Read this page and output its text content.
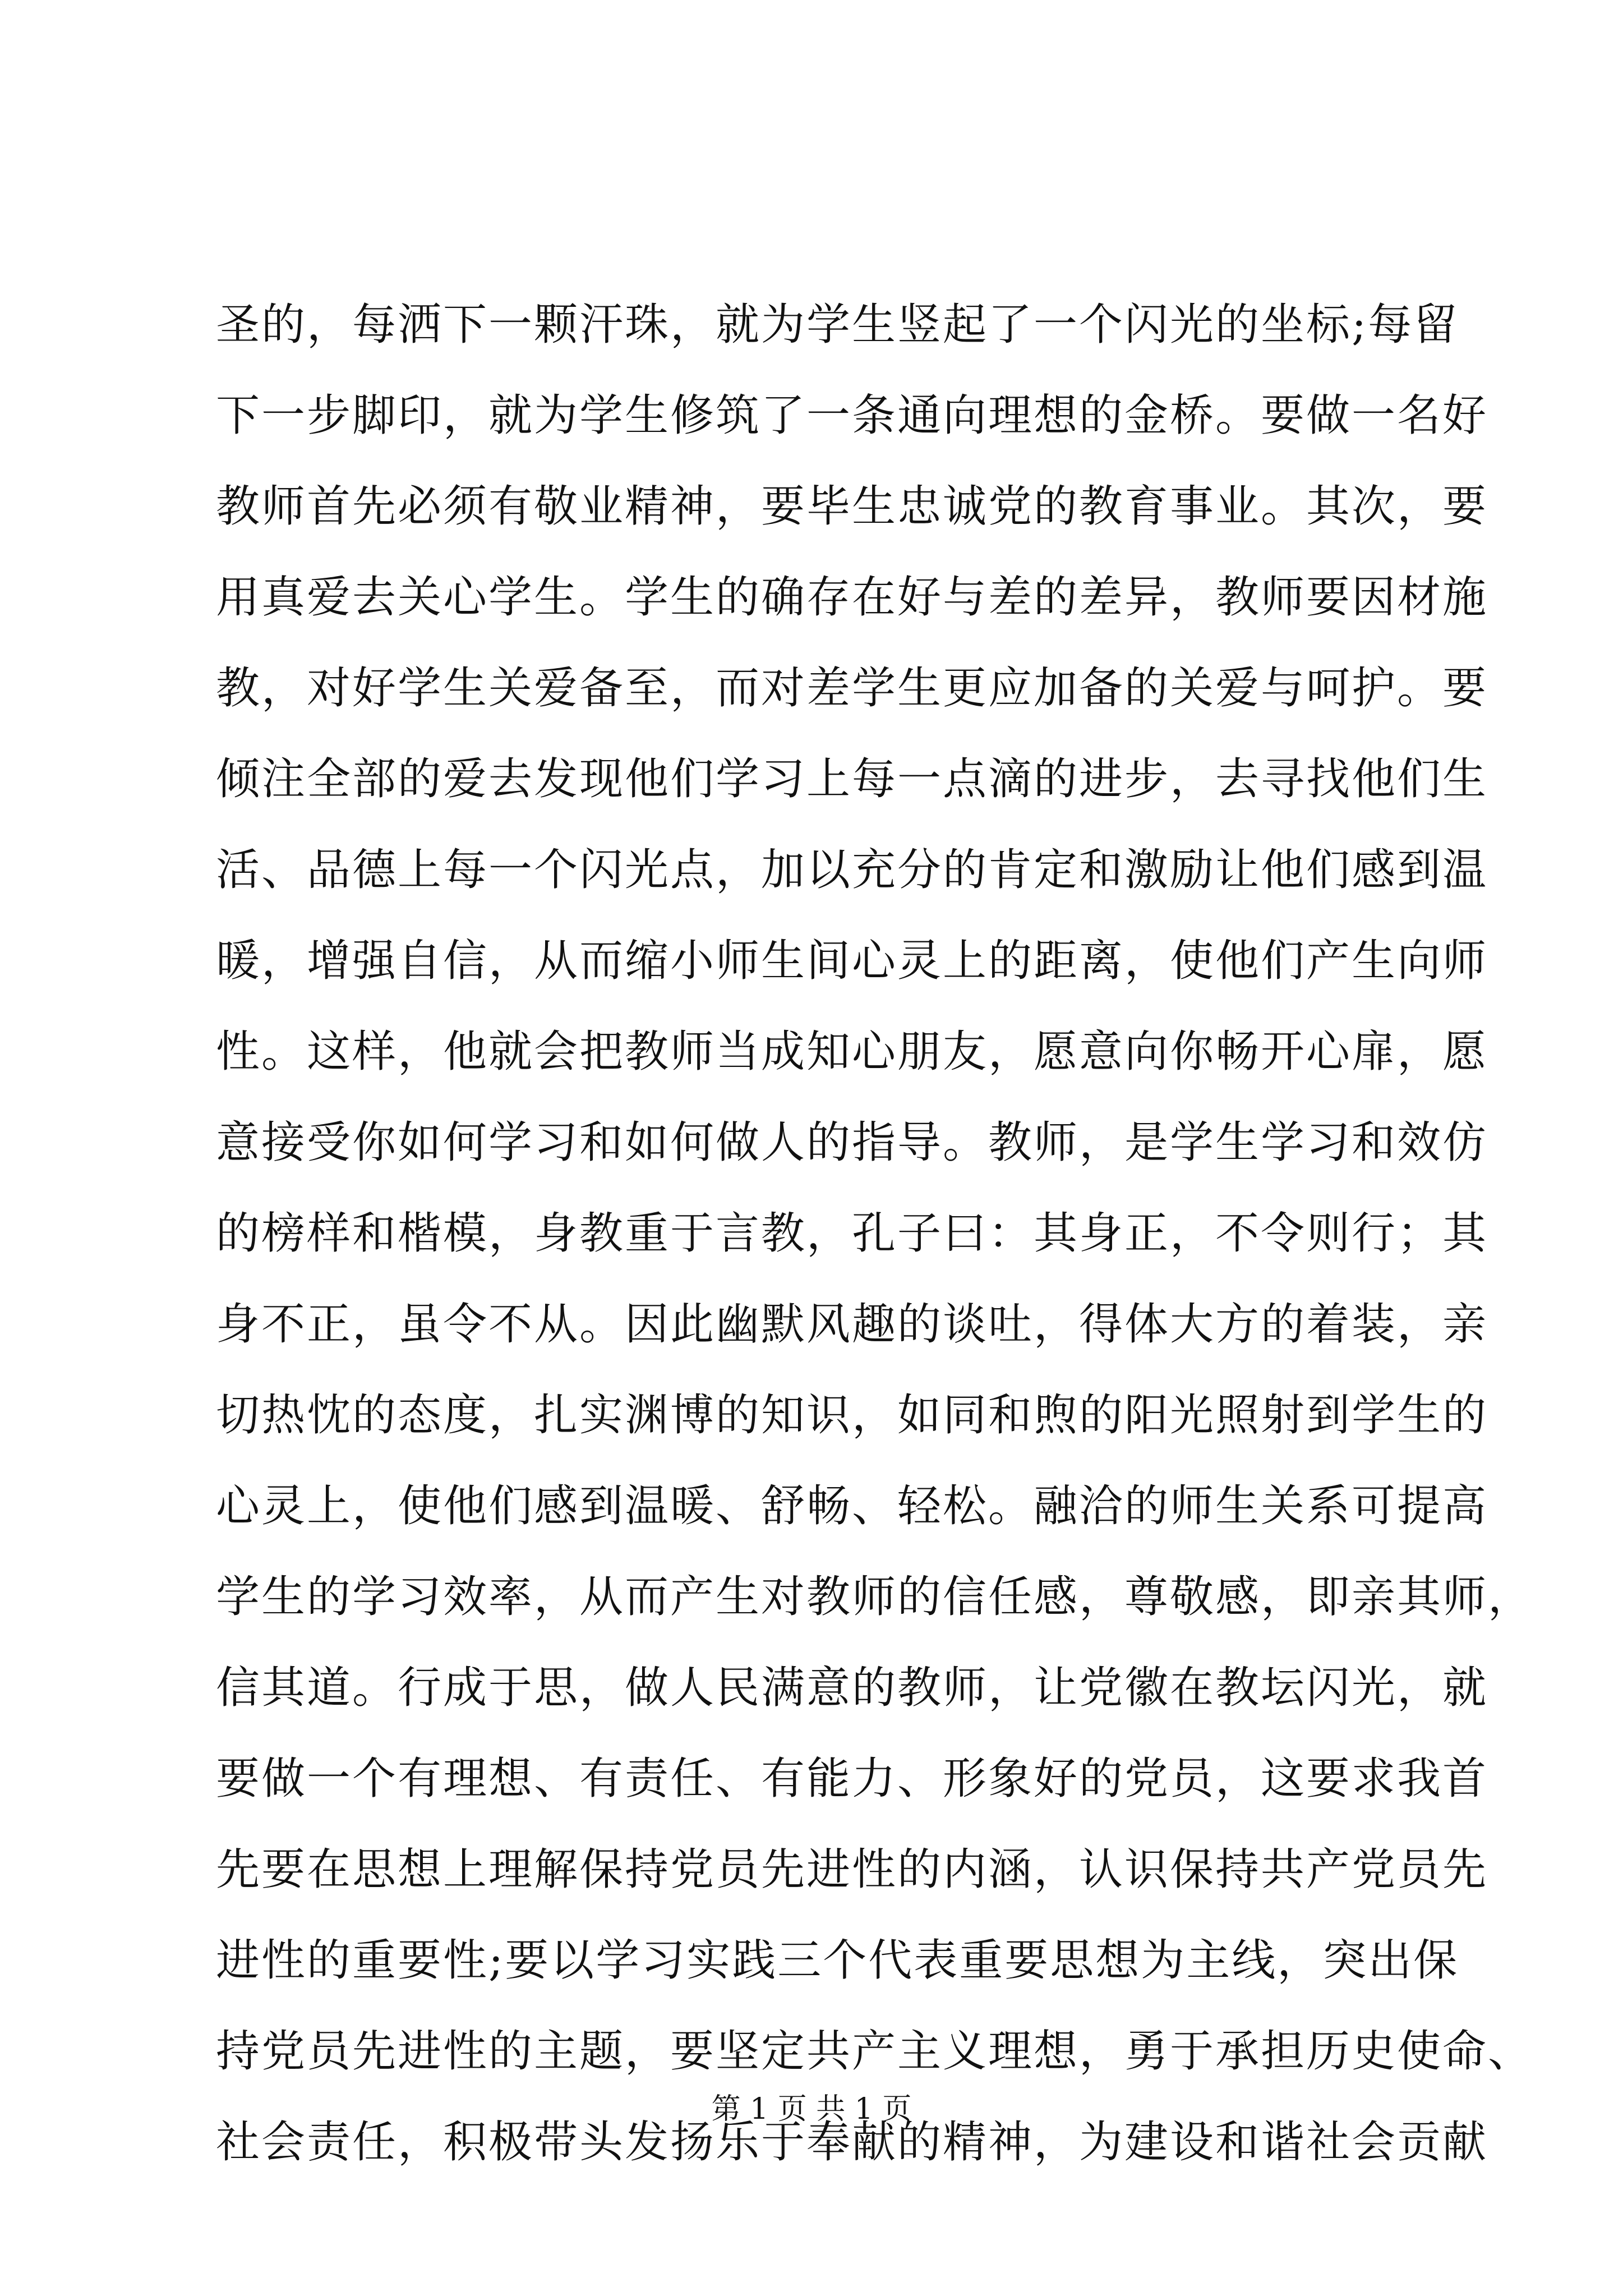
圣的，每洒下一颗汗珠，就为学生竖起了一个闪光的坐标;每留
下一步脚印，就为学生修筑了一条通向理想的金桥。要做一名好
教师首先必须有敬业精神，要毕生忠诚党的教育事业。其次，要
用真爱去关心学生。学生的确存在好与差的差异，教师要因材施
教，对好学生关爱备至，而对差学生更应加备的关爱与呵护。要
倾注全部的爱去发现他们学习上每一点滴的进步，去寻找他们生
活、品德上每一个闪光点，加以充分的肯定和激励让他们感到温
暖，增强自信，从而缩小师生间心灵上的距离，使他们产生向师
性。这样，他就会把教师当成知心朋友，愿意向你畅开心扉，愿
意接受你如何学习和如何做人的指导。教师，是学生学习和效仿
的榜样和楷模，身教重于言教，孔子曰：其身正，不令则行；其
身不正，虽令不从。因此幽默风趣的谈吐，得体大方的着装，亲
切热忱的态度，扎实渊博的知识，如同和煦的阳光照射到学生的
心灵上，使他们感到温暖、舒畅、轻松。融洽的师生关系可提高
学生的学习效率，从而产生对教师的信任感，尊敬感，即亲其师，
信其道。行成于思，做人民满意的教师，让党徽在教坛闪光，就
要做一个有理想、有责任、有能力、形象好的党员，这要求我首
先要在思想上理解保持党员先进性的内涵，认识保持共产党员先
进性的重要性;要以学习实践三个代表重要思想为主线，突出保
持党员先进性的主题，要坚定共产主义理想，勇于承担历史使命、
社会责任，积极带头发扬乐于奉献的精神，为建设和谐社会贡献
第 1 页 共 1 页
